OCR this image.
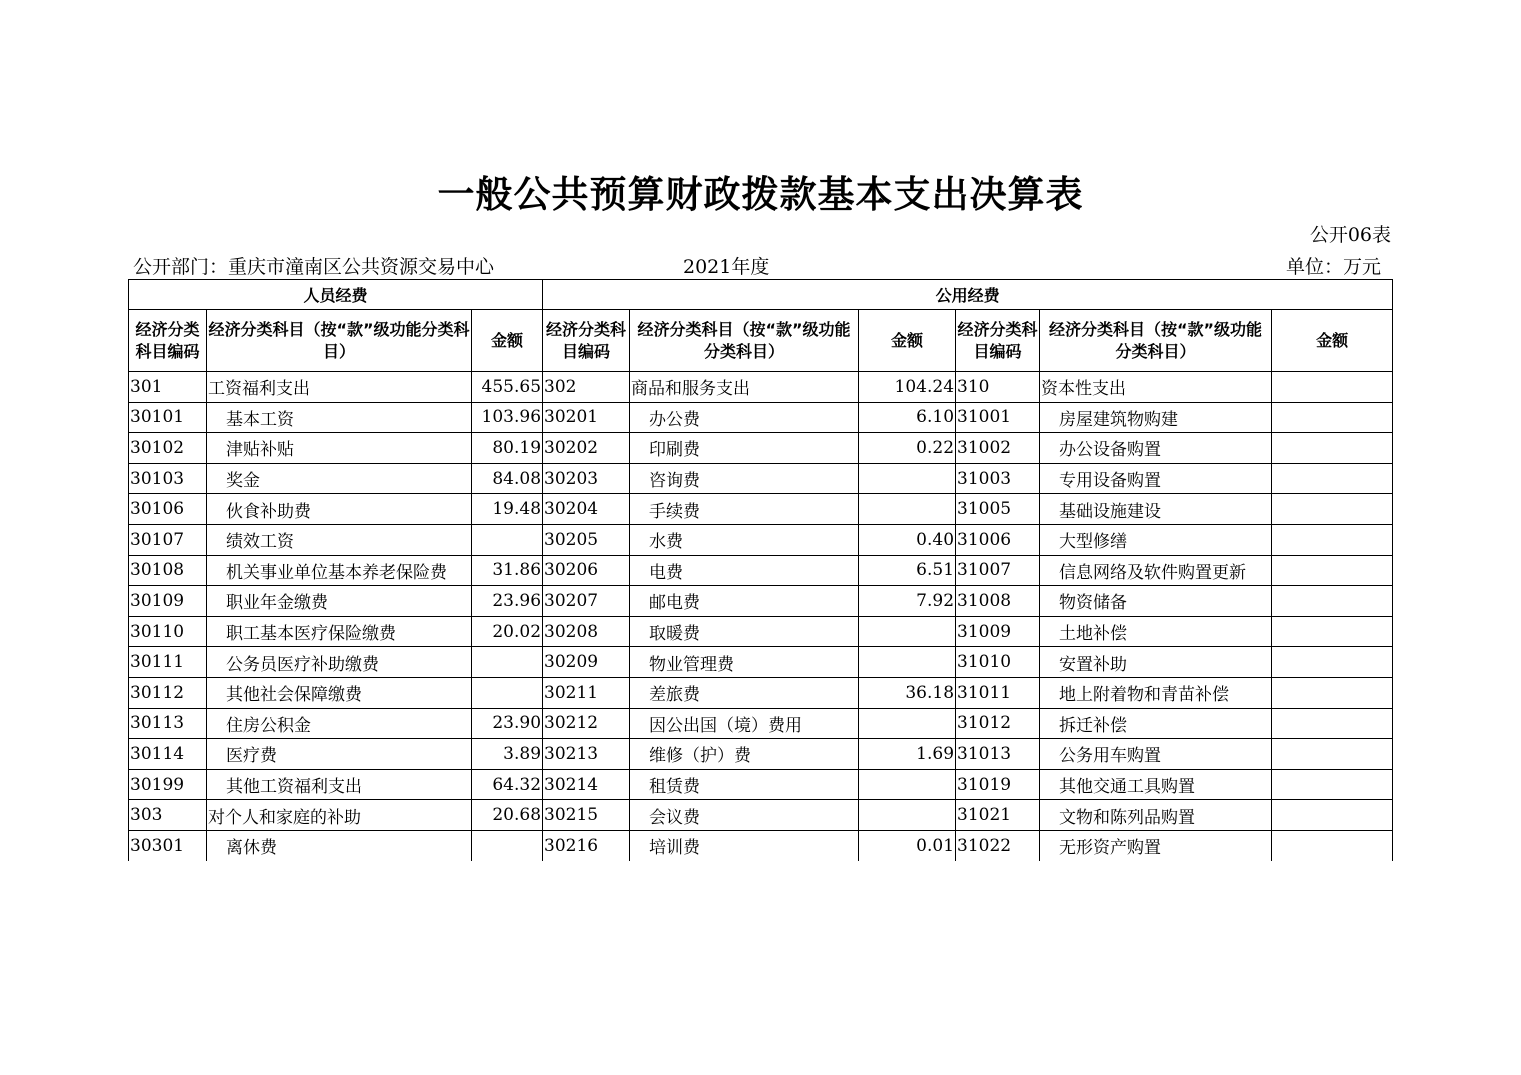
一般公共预算财政拨款基本支出决算表
公开06表
公开部门：重庆市潼南区公共资源交易中心	2021年度	单位：万元
人员经费			公用经费					
经济分类科目编码	经济分类科目（按“款”级功能分类科目）	金额	经济分类科目编码	经济分类科目（按“款”级功能分类科目）	金额	经济分类科目编码	经济分类科目（按“款”级功能分类科目）	金额
301	工资福利支出	455.65	302	商品和服务支出	104.24	310	资本性支出	
30101	基本工资	103.96	30201	办公费	6.10	31001	房屋建筑物购建	
30102	津贴补贴	80.19	30202	印刷费	0.22	31002	办公设备购置	
30103	奖金	84.08	30203	咨询费		31003	专用设备购置	
30106	伙食补助费	19.48	30204	手续费		31005	基础设施建设	
30107	绩效工资		30205	水费	0.40	31006	大型修缮	
30108	机关事业单位基本养老保险费	31.86	30206	电费	6.51	31007	信息网络及软件购置更新	
30109	职业年金缴费	23.96	30207	邮电费	7.92	31008	物资储备	
30110	职工基本医疗保险缴费	20.02	30208	取暖费		31009	土地补偿	
30111	公务员医疗补助缴费		30209	物业管理费		31010	安置补助	
30112	其他社会保障缴费		30211	差旅费	36.18	31011	地上附着物和青苗补偿	
30113	住房公积金	23.90	30212	因公出国（境）费用		31012	拆迁补偿	
30114	医疗费	3.89	30213	维修（护）费	1.69	31013	公务用车购置	
30199	其他工资福利支出	64.32	30214	租赁费		31019	其他交通工具购置	
303	对个人和家庭的补助	20.68	30215	会议费		31021	文物和陈列品购置	
30301	离休费		30216	培训费	0.01	31022	无形资产购置	
